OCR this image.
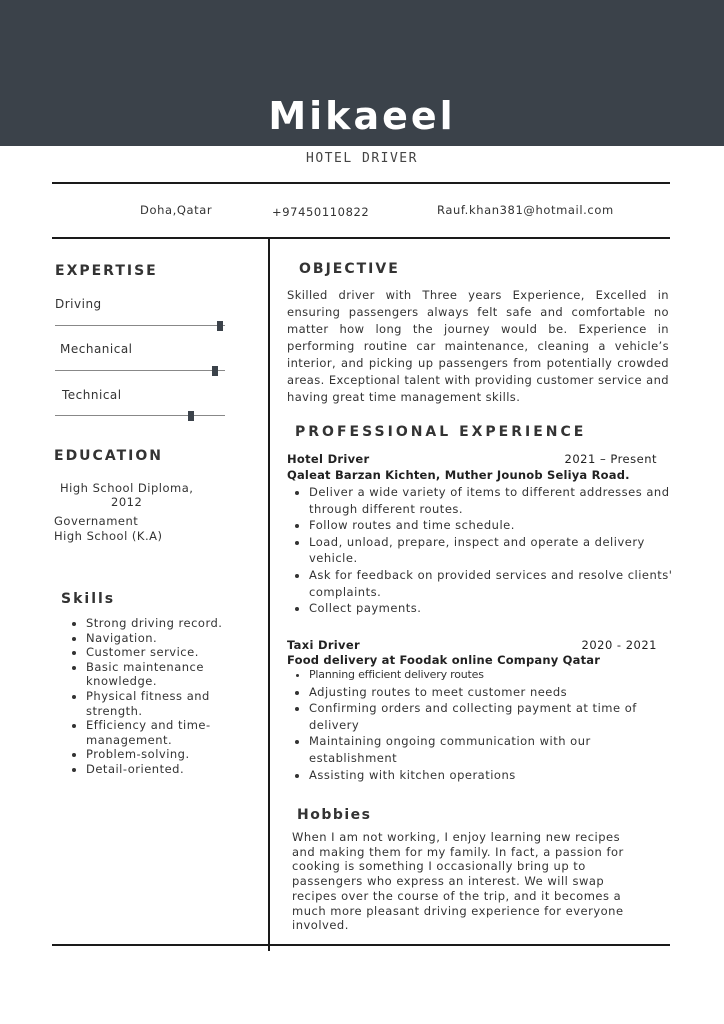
Mikaeel
HOTEL DRIVER
Doha,Qatar	+97450110822	Rauf.khan381@hotmail.com
EXPERTISE
Driving
Mechanical
Technical
EDUCATION
High School Diploma,
2012
Governament
High School (K.A)
Skills
• Strong driving record.
• Navigation.
• Customer service.
• Basic maintenance knowledge.
• Physical fitness and strength.
• Efficiency and time-management.
• Problem-solving.
• Detail-oriented.
OBJECTIVE

Skilled driver with Three years Experience, Excelled in ensuring passengers always felt safe and comfortable no matter how long the journey would be. Experience in performing routine car maintenance, cleaning a vehicle’s interior, and picking up passengers from potentially crowded areas. Exceptional talent with providing customer service and having great time management skills.

PROFESSIONAL EXPERIENCE
Hotel Driver	2021 – Present
Qaleat Barzan Kichten, Muther Jounob Seliya Road.
• Deliver a wide variety of items to different addresses and through different routes.
• Follow routes and time schedule.
• Load, unload, prepare, inspect and operate a delivery vehicle.
• Ask for feedback on provided services and resolve clients' complaints.
• Collect payments.
Taxi Driver	2020 - 2021
Food delivery at Foodak online Company Qatar
• Planning efficient delivery routes
• Adjusting routes to meet customer needs
• Confirming orders and collecting payment at time of delivery
• Maintaining ongoing communication with our establishment
• Assisting with kitchen operations
Hobbies

When I am not working, I enjoy learning new recipes and making them for my family. In fact, a passion for cooking is something I occasionally bring up to passengers who express an interest. We will swap recipes over the course of the trip, and it becomes a much more pleasant driving experience for everyone involved.
